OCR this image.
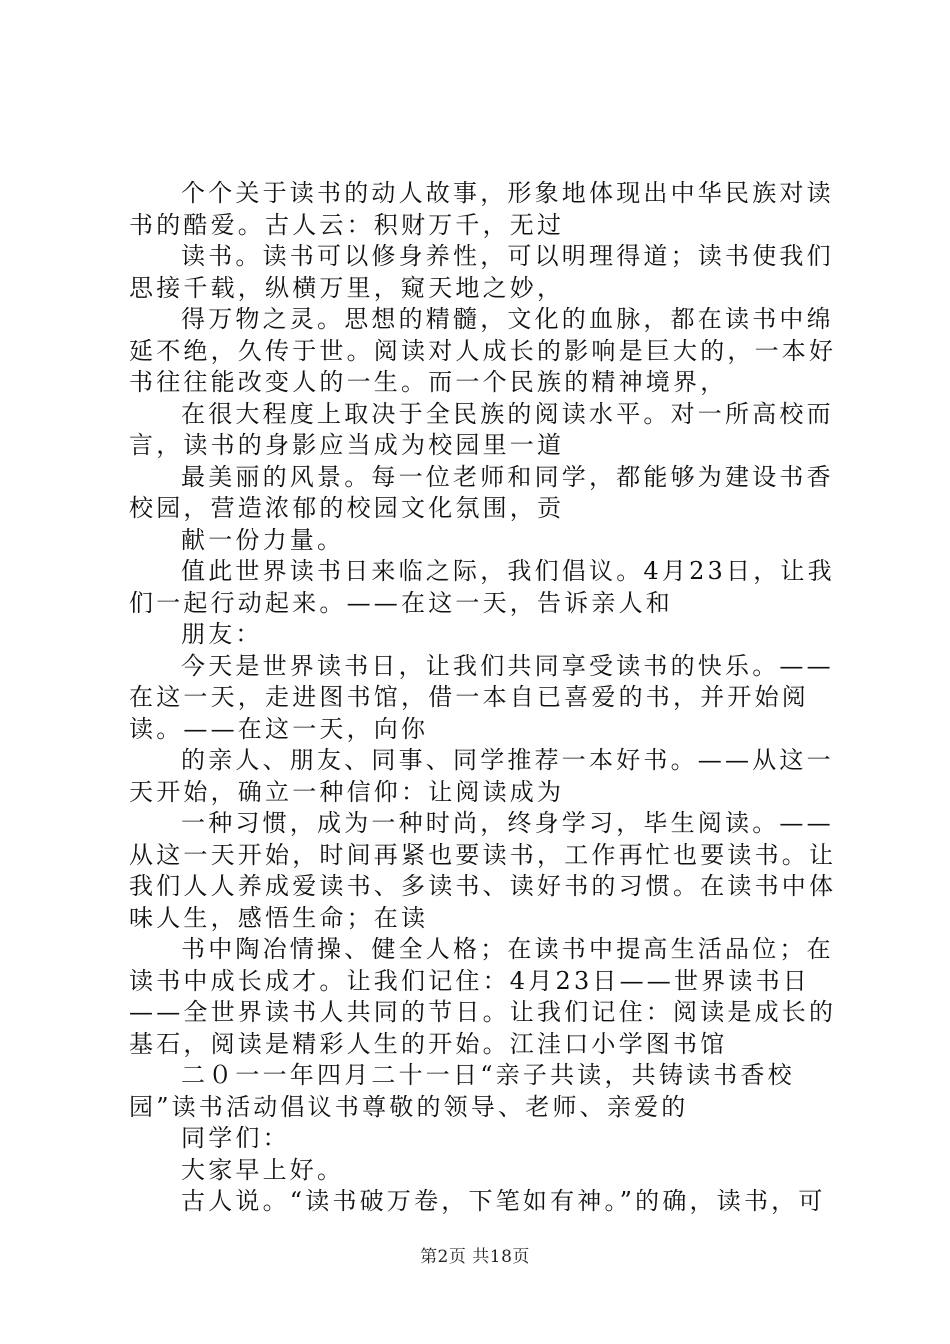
个个关于读书的动人故事，形象地体现出中华民族对读书的酷爱。古人云：积财万千，无过

读书。读书可以修身养性，可以明理得道；读书使我们思接千载，纵横万里，窥天地之妙，

得万物之灵。思想的精髓，文化的血脉，都在读书中绵延不绝，久传于世。阅读对人成长的影响是巨大的，一本好书往往能改变人的一生。而一个民族的精神境界，

在很大程度上取决于全民族的阅读水平。对一所高校而言，读书的身影应当成为校园里一道

最美丽的风景。每一位老师和同学，都能够为建设书香校园，营造浓郁的校园文化氛围，贡

献一份力量。

值此世界读书日来临之际，我们倡议。4月23日，让我们一起行动起来。——在这一天，告诉亲人和

朋友：

今天是世界读书日，让我们共同享受读书的快乐。——在这一天，走进图书馆，借一本自已喜爱的书，并开始阅读。——在这一天，向你

的亲人、朋友、同事、同学推荐一本好书。——从这一天开始，确立一种信仰：让阅读成为

一种习惯，成为一种时尚，终身学习，毕生阅读。——从这一天开始，时间再紧也要读书，工作再忙也要读书。让我们人人养成爱读书、多读书、读好书的习惯。在读书中体味人生，感悟生命；在读

书中陶冶情操、健全人格；在读书中提高生活品位；在读书中成长成才。让我们记住：4月23日——世界读书日——全世界读书人共同的节日。让我们记住：阅读是成长的基石，阅读是精彩人生的开始。江洼口小学图书馆

二０一一年四月二十一日“亲子共读，共铸读书香校园”读书活动倡议书尊敬的领导、老师、亲爱的

同学们：

大家早上好。

古人说。“读书破万卷，下笔如有神。”的确，读书，可

第2页 共18页
